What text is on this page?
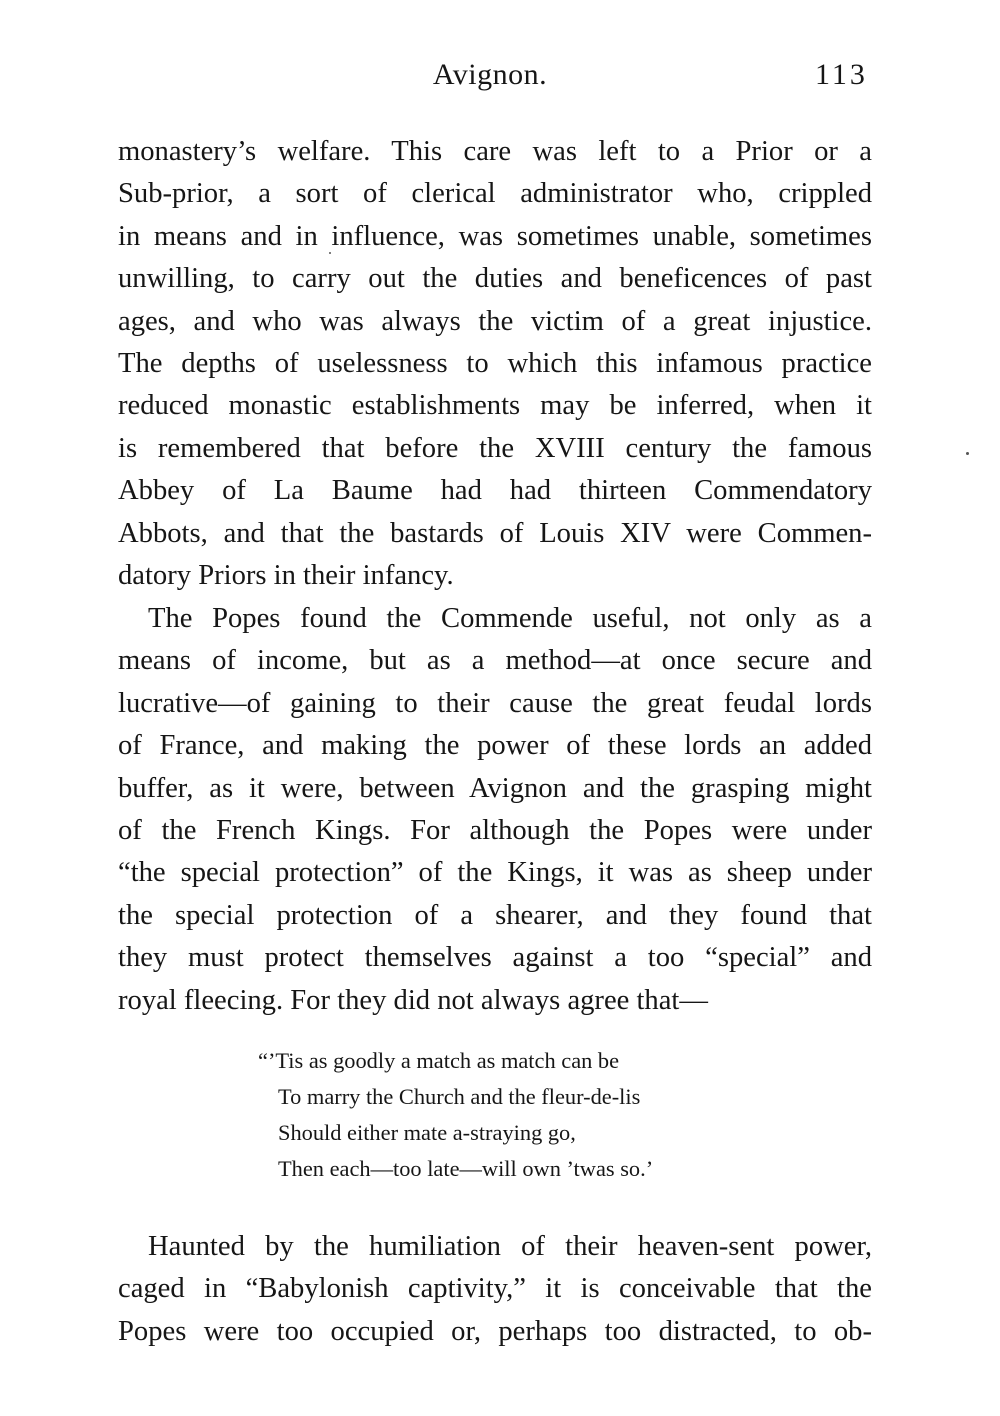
Avignon.	113
monastery’s welfare. This care was left to a Prior or a
Sub-prior, a sort of clerical administrator who, crippled
in means and in influence, was sometimes unable, sometimes
unwilling, to carry out the duties and beneficences of past
ages, and who was always the victim of a great injustice.
The depths of uselessness to which this infamous practice
reduced monastic establishments may be inferred, when it
is remembered that before the XVIII century the famous
Abbey of La Baume had had thirteen Commendatory
Abbots, and that the bastards of Louis XIV were Commen-
datory Priors in their infancy.
The Popes found the Commende useful, not only as a
means of income, but as a method—at once secure and
lucrative—of gaining to their cause the great feudal lords
of France, and making the power of these lords an added
buffer, as it were, between Avignon and the grasping might
of the French Kings. For although the Popes were under
“the special protection” of the Kings, it was as sheep under
the special protection of a shearer, and they found that
they must protect themselves against a too “special” and
royal fleecing. For they did not always agree that—
“’Tis as goodly a match as match can be
To marry the Church and the fleur-de-lis
Should either mate a-straying go,
Then each—too late—will own ’twas so.’
Haunted by the humiliation of their heaven-sent power,
caged in “Babylonish captivity,” it is conceivable that the
Popes were too occupied or, perhaps too distracted, to ob-
